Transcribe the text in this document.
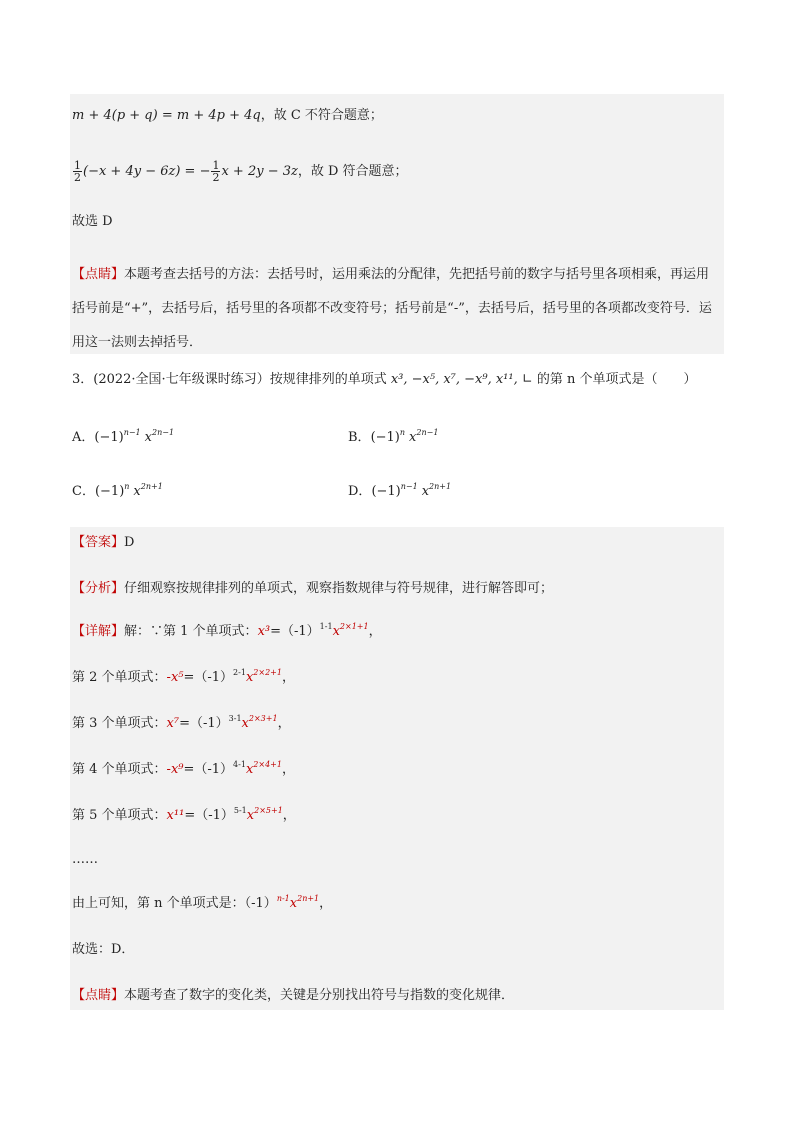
m + 4(p + q) = m + 4p + 4q，故 C 不符合题意；
$\frac{1}{2} (-x + 4y - 6z)$ = − $\frac{1}{2}$ x + 2y − 3z，故 D 符合题意；
故选 D
【点睛】本题考查去括号的方法：去括号时，运用乘法的分配律，先把括号前的数字与括号里各项相乘，再运用括号前是“+”，去括号后，括号里的各项都不改变符号；括号前是“-”，去括号后，括号里的各项都改变符号．运用这一法则去掉括号．
3．(2022·全国·七年级课时练习）按规律排列的单项式 x³, −x⁵, x⁷, −x⁹, x¹¹, ∟ 的第 n 个单项式是（　　）
A．$(-1)^{n-1}$ $x^{2n-1}$	B．$(-1)^n$ $x^{2n-1}$
C．$(-1)^n$ $x^{2n+1}$	D．$(-1)^{n-1}$ $x^{2n+1}$
【答案】D
【分析】仔细观察按规律排列的单项式，观察指数规律与符号规律，进行解答即可；
【详解】解：∵第 1 个单项式：$x^3=(-1)^{1-1}x^{2\times 1+1}$，
第 2 个单项式：$-x^5=(-1)^{2-1}x^{2\times 2+1}$，
第 3 个单项式：$x^7=(-1)^{3-1}x^{2\times 3+1}$，
第 4 个单项式：$-x^9=(-1)^{4-1}x^{2\times 4+1}$，
第 5 个单项式：$x^{11}=(-1)^{5-1}x^{2\times 5+1}$，
……
由上可知，第 n 个单项式是：$(-1)^{n-1}x^{2n+1}$，
故选：D．
【点睛】本题考查了数字的变化类，关键是分别找出符号与指数的变化规律．
